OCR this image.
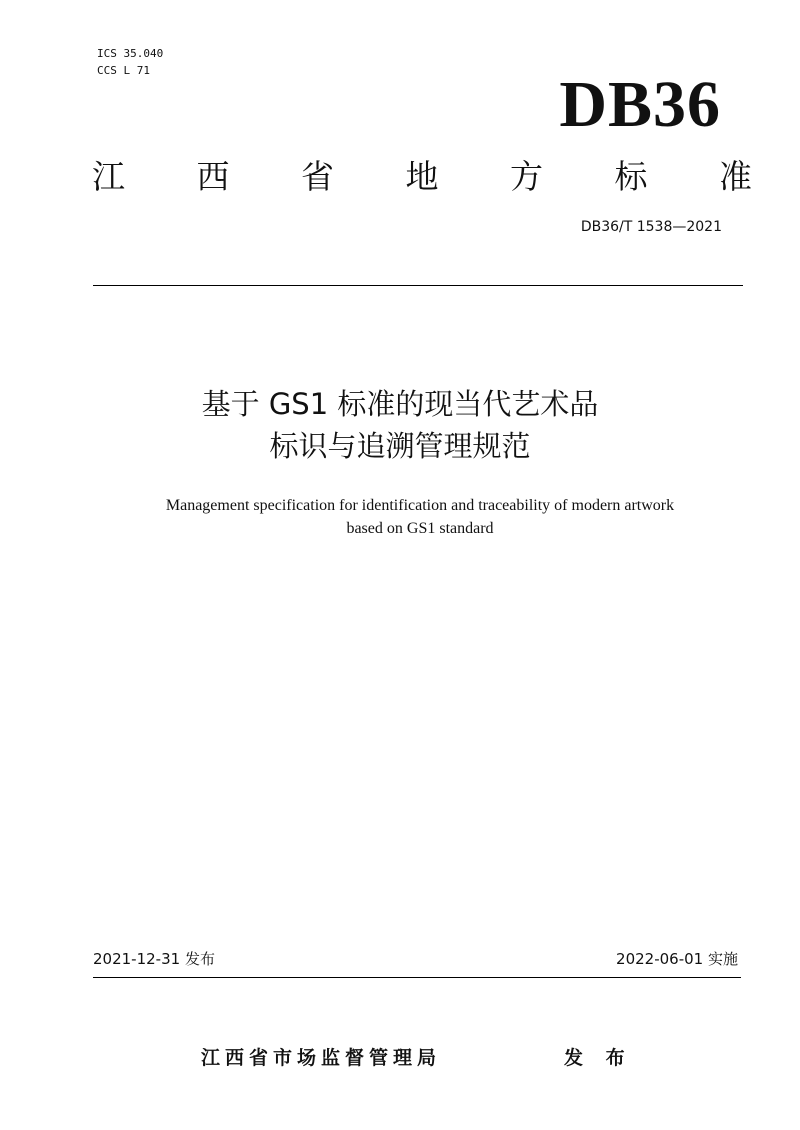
ICS 35.040
CCS L 71	DB36
江 西 省 地 方 标 准
DB36/T 1538—2021
基于 GS1 标准的现当代艺术品
标识与追溯管理规范
Management specification for identification and traceability of modern artwork
based on GS1 standard
2021-12-31 发布	2022-06-01 实施
江西省市场监督管理局	发 布
